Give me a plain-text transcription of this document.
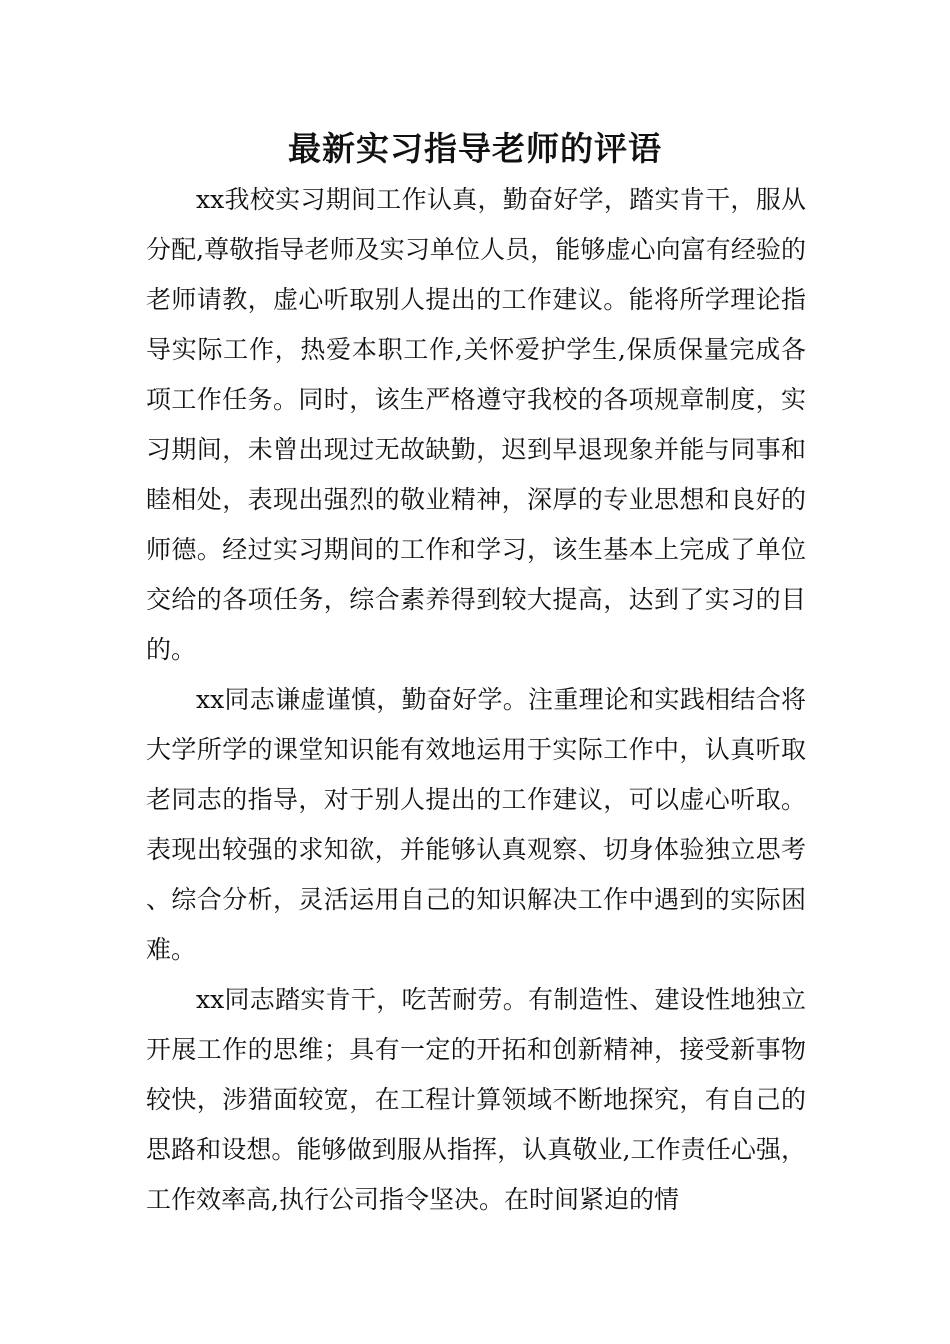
最新实习指导老师的评语

xx我校实习期间工作认真，勤奋好学，踏实肯干，服从分配,尊敬指导老师及实习单位人员，能够虚心向富有经验的老师请教，虚心听取别人提出的工作建议。能将所学理论指导实际工作，热爱本职工作,关怀爱护学生,保质保量完成各项工作任务。同时，该生严格遵守我校的各项规章制度，实习期间，未曾出现过无故缺勤，迟到早退现象并能与同事和睦相处，表现出强烈的敬业精神，深厚的专业思想和良好的师德。经过实习期间的工作和学习，该生基本上完成了单位交给的各项任务，综合素养得到较大提高，达到了实习的目的。

xx同志谦虚谨慎，勤奋好学。注重理论和实践相结合将大学所学的课堂知识能有效地运用于实际工作中，认真听取老同志的指导，对于别人提出的工作建议，可以虚心听取。表现出较强的求知欲，并能够认真观察、切身体验独立思考、综合分析，灵活运用自己的知识解决工作中遇到的实际困难。

xx同志踏实肯干，吃苦耐劳。有制造性、建设性地独立开展工作的思维；具有一定的开拓和创新精神，接受新事物较快，涉猎面较宽，在工程计算领域不断地探究，有自己的思路和设想。能够做到服从指挥，认真敬业,工作责任心强，工作效率高,执行公司指令坚决。在时间紧迫的情
